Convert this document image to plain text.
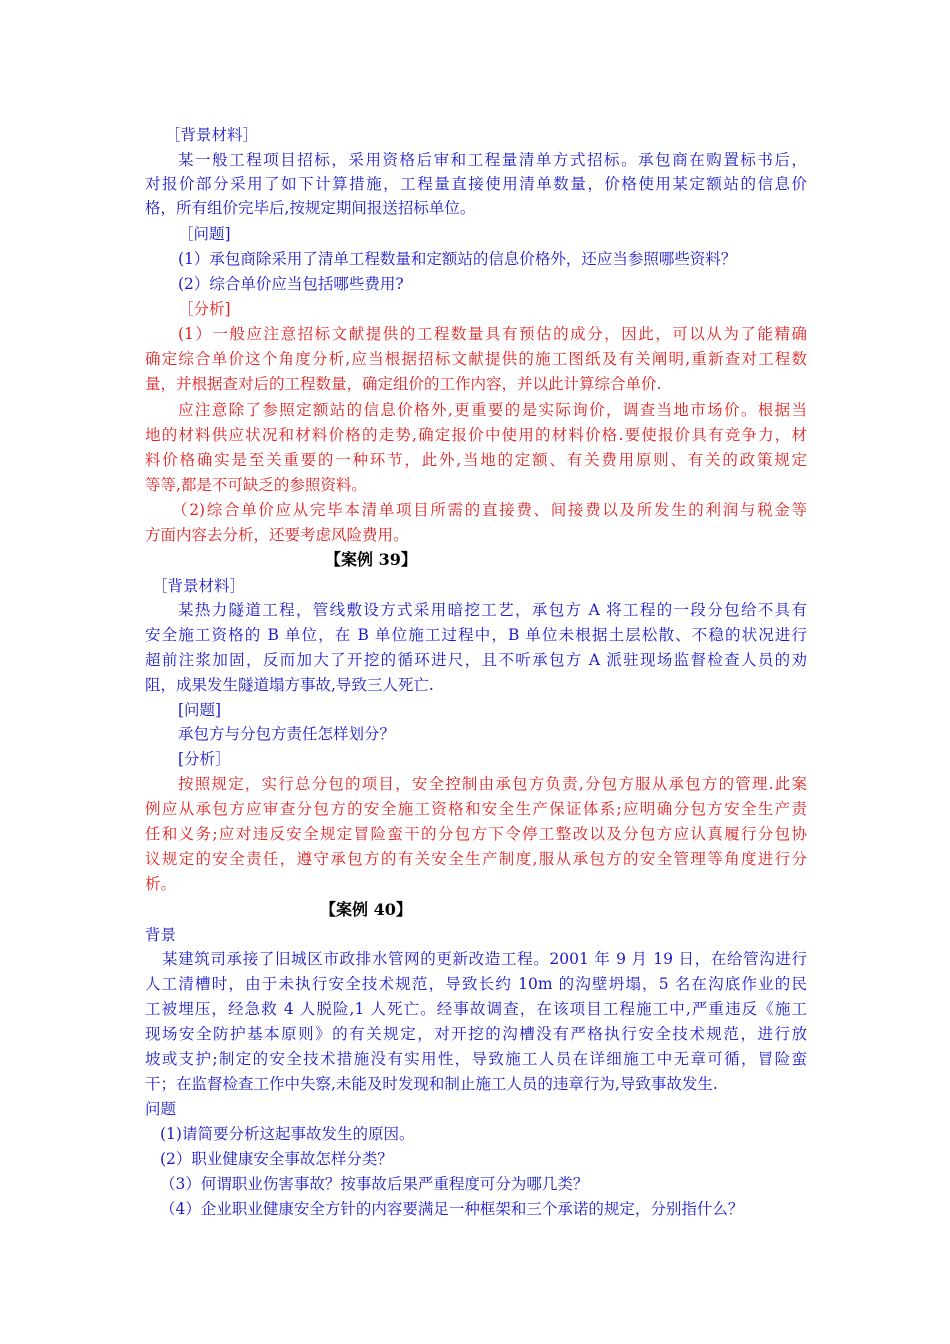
［背景材料］
某一般工程项目招标，采用资格后审和工程量清单方式招标。承包商在购置标书后，
对报价部分采用了如下计算措施，工程量直接使用清单数量，价格使用某定额站的信息价
格，所有组价完毕后,按规定期间报送招标单位。
［问题]
(1）承包商除采用了清单工程数量和定额站的信息价格外，还应当参照哪些资料？
(2）综合单价应当包括哪些费用?
［分析]
(1）一般应注意招标文献提供的工程数量具有预估的成分，因此，可以从为了能精确
确定综合单价这个角度分析,应当根据招标文献提供的施工图纸及有关阐明,重新查对工程数
量，并根据查对后的工程数量，确定组价的工作内容，并以此计算综合单价.
应注意除了参照定额站的信息价格外,更重要的是实际询价，调查当地市场价。根据当
地的材料供应状况和材料价格的走势,确定报价中使用的材料价格.要使报价具有竞争力，材
料价格确实是至关重要的一种环节，此外,当地的定额、有关费用原则、有关的政策规定
等等,都是不可缺乏的参照资料。
（2)综合单价应从完毕本清单项目所需的直接费、间接费以及所发生的利润与税金等
方面内容去分析，还要考虑风险费用。
【案例 39】
［背景材料］
某热力隧道工程，管线敷设方式采用暗挖工艺，承包方 A 将工程的一段分包给不具有
安全施工资格的 B 单位，在 B 单位施工过程中，B 单位未根据土层松散、不稳的状况进行
超前注浆加固，反而加大了开挖的循环进尺，且不听承包方 A 派驻现场监督检查人员的劝
阻，成果发生隧道塌方事故,导致三人死亡.
[问题]
承包方与分包方责任怎样划分？
[分析］
按照规定，实行总分包的项目，安全控制由承包方负责,分包方服从承包方的管理.此案
例应从承包方应审查分包方的安全施工资格和安全生产保证体系;应明确分包方安全生产责
任和义务;应对违反安全规定冒险蛮干的分包方下令停工整改以及分包方应认真履行分包协
议规定的安全责任，遵守承包方的有关安全生产制度,服从承包方的安全管理等角度进行分
析。
【案例 40】
背景
某建筑司承接了旧城区市政排水管网的更新改造工程。2001 年 9 月 19 日，在给管沟进行
人工清槽时，由于未执行安全技术规范，导致长约 10m 的沟壁坍塌，5 名在沟底作业的民
工被埋压，经急救 4 人脱险,1 人死亡。经事故调查，在该项目工程施工中,严重违反《施工
现场安全防护基本原则》的有关规定，对开挖的沟槽没有严格执行安全技术规范，进行放
坡或支护;制定的安全技术措施没有实用性，导致施工人员在详细施工中无章可循，冒险蛮
干；在监督检查工作中失察,未能及时发现和制止施工人员的违章行为,导致事故发生.
问题
(1)请简要分析这起事故发生的原因。
(2）职业健康安全事故怎样分类？
（3）何谓职业伤害事故？按事故后果严重程度可分为哪几类？
（4）企业职业健康安全方针的内容要满足一种框架和三个承诺的规定，分别指什么？
